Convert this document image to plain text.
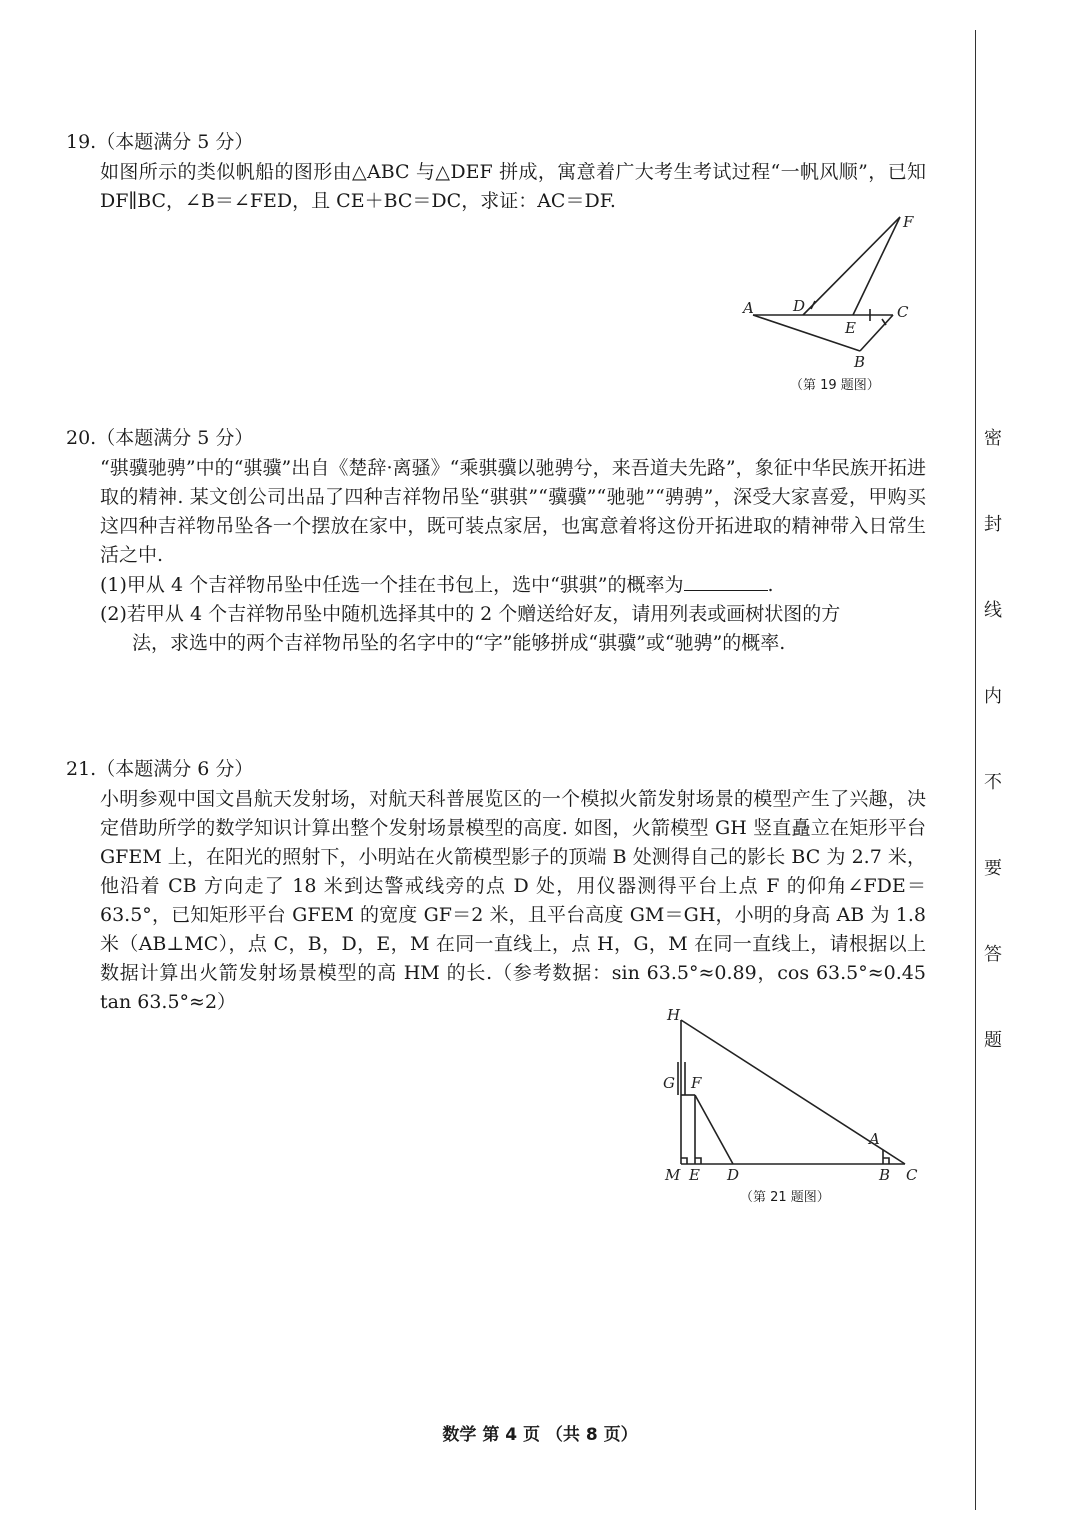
19.（本题满分 5 分）

如图所示的类似帆船的图形由△ABC 与△DEF 拼成，寓意着广大考生考试过程“一帆风顺”，已知 DF∥BC，∠B＝∠FED，且 CE＋BC＝DC，求证：AC＝DF.

A	D
E
C
F
B
（第 19 题图）

20.（本题满分 5 分）

“骐骥驰骋”中的“骐骥”出自《楚辞·离骚》“乘骐骥以驰骋兮，来吾道夫先路”，象征中华民族开拓进取的精神. 某文创公司出品了四种吉祥物吊坠“骐骐”“骥骥”“驰驰”“骋骋”，深受大家喜爱，甲购买这四种吉祥物吊坠各一个摆放在家中，既可装点家居，也寓意着将这份开拓进取的精神带入日常生活之中.

(1)甲从 4 个吉祥物吊坠中任选一个挂在书包上，选中“骐骐”的概率为	.

(2)若甲从 4 个吉祥物吊坠中随机选择其中的 2 个赠送给好友，请用列表或画树状图的方
法，求选中的两个吉祥物吊坠的名字中的“字”能够拼成“骐骥”或“驰骋”的概率.

21.（本题满分 6 分）

小明参观中国文昌航天发射场，对航天科普展览区的一个模拟火箭发射场景的模型产生了兴趣，决定借助所学的数学知识计算出整个发射场景模型的高度. 如图，火箭模型 GH 竖直矗立在矩形平台 GFEM 上，在阳光的照射下，小明站在火箭模型影子的顶端 B 处测得自己的影长 BC 为 2.7 米，他沿着 CB 方向走了 18 米到达警戒线旁的点 D 处，用仪器测得平台上点 F 的仰角∠FDE＝63.5°，已知矩形平台 GFEM 的宽度 GF＝2 米，且平台高度 GM＝GH，小明的身高 AB 为 1.8 米（AB⊥MC），点 C，B，D，E，M 在同一直线上，点 H，G，M 在同一直线上，请根据以上数据计算出火箭发射场景模型的高 HM 的长.（参考数据：sin 63.5°≈0.89，cos 63.5°≈0.45 tan 63.5°≈2）

H
G F
A
M E D	B C
（第 21 题图）
密
封
线
内
不
要
答
题
数学 第 4 页 （共 8 页）
